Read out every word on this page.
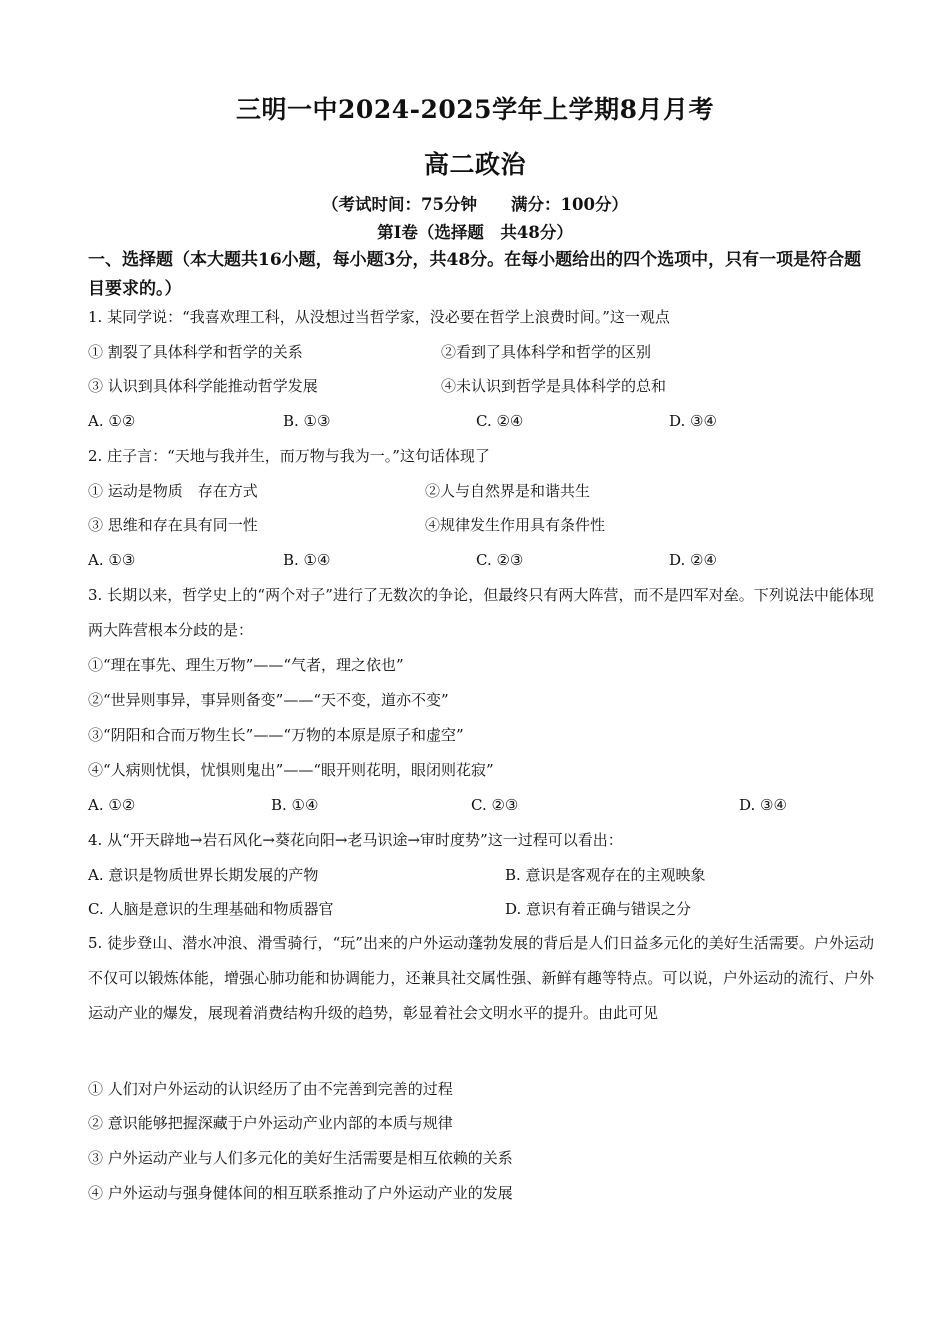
三明一中2024-2025学年上学期8月月考
高二政治
（考试时间：75分钟 满分：100分）
第Ⅰ卷（选择题　共48分）
一、选择题（本大题共16小题，每小题3分，共48分。在每小题给出的四个选项中，只有一项是符合题目要求的。）
1. 某同学说：“我喜欢理工科，从没想过当哲学家，没必要在哲学上浪费时间。”这一观点
① 割裂了具体科学和哲学的关系	②看到了具体科学和哲学的区别
③ 认识到具体科学能推动哲学发展	④未认识到哲学是具体科学的总和
A. ①②	B. ①③	C. ②④	D. ③④
2. 庄子言：“天地与我并生，而万物与我为一。”这句话体现了
① 运动是物质　存在方式	②人与自然界是和谐共生
③ 思维和存在具有同一性	④规律发生作用具有条件性
A. ①③	B. ①④	C. ②③	D. ②④
3. 长期以来，哲学史上的“两个对子”进行了无数次的争论，但最终只有两大阵营，而不是四军对垒。下列说法中能体现两大阵营根本分歧的是：
①“理在事先、理生万物”——“气者，理之依也”
②“世异则事异，事异则备变”——“天不变，道亦不变”
③“阴阳和合而万物生长”——“万物的本原是原子和虚空”
④“人病则忧惧，忧惧则鬼出”——“眼开则花明，眼闭则花寂”
A. ①②	B. ①④	C. ②③	D. ③④
4. 从“开天辟地→岩石风化→葵花向阳→老马识途→审时度势”这一过程可以看出：
A. 意识是物质世界长期发展的产物	B. 意识是客观存在的主观映象
C. 人脑是意识的生理基础和物质器官	D. 意识有着正确与错误之分
5. 徒步登山、潜水冲浪、滑雪骑行，“玩”出来的户外运动蓬勃发展的背后是人们日益多元化的美好生活需要。户外运动不仅可以锻炼体能，增强心肺功能和协调能力，还兼具社交属性强、新鲜有趣等特点。可以说，户外运动的流行、户外运动产业的爆发，展现着消费结构升级的趋势，彰显着社会文明水平的提升。由此可见
① 人们对户外运动的认识经历了由不完善到完善的过程
② 意识能够把握深藏于户外运动产业内部的本质与规律
③ 户外运动产业与人们多元化的美好生活需要是相互依赖的关系
④ 户外运动与强身健体间的相互联系推动了户外运动产业的发展
